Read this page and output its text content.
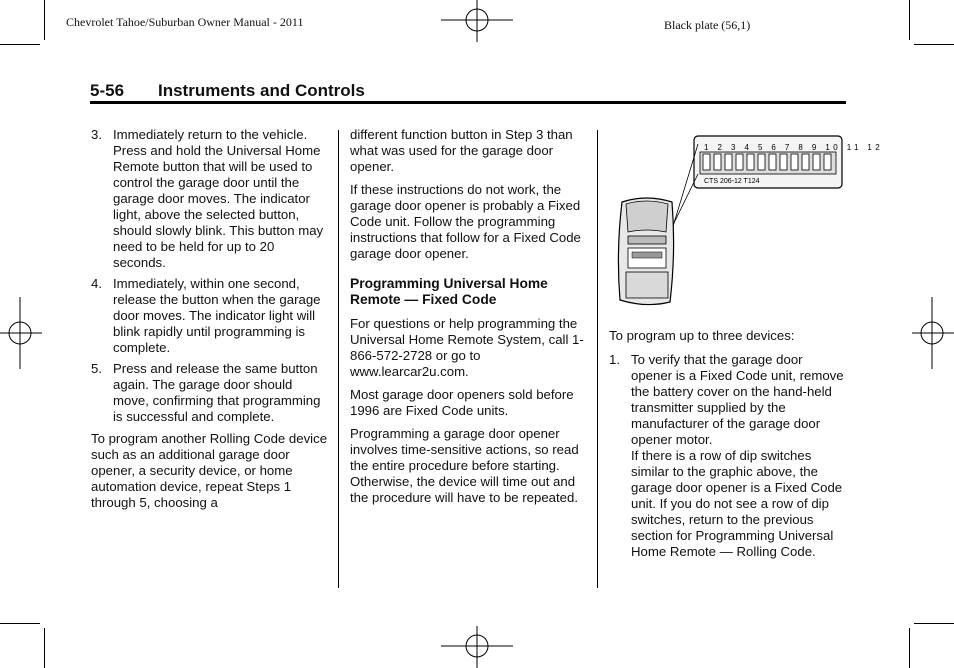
Chevrolet Tahoe/Suburban Owner Manual - 2011	Black plate (56,1)
5-56 Instruments and Controls
3. Immediately return to the vehicle. Press and hold the Universal Home Remote button that will be used to control the garage door until the garage door moves. The indicator light, above the selected button, should slowly blink. This button may need to be held for up to 20 seconds.
4. Immediately, within one second, release the button when the garage door moves. The indicator light will blink rapidly until programming is complete.
5. Press and release the same button again. The garage door should move, confirming that programming is successful and complete.

To program another Rolling Code device such as an additional garage door opener, a security device, or home automation device, repeat Steps 1 through 5, choosing a

different function button in Step 3 than what was used for the garage door opener.

If these instructions do not work, the garage door opener is probably a Fixed Code unit. Follow the programming instructions that follow for a Fixed Code garage door opener.

Programming Universal Home Remote — Fixed Code

For questions or help programming the Universal Home Remote System, call 1-866-572-2728 or go to www.learcar2u.com.

Most garage door openers sold before 1996 are Fixed Code units.

Programming a garage door opener involves time-sensitive actions, so read the entire procedure before starting. Otherwise, the device will time out and the procedure will have to be repeated.

1 2 3 4 5 6 7 8 9 10 11 12
CTS 206-12 T124

To program up to three devices:

1. To verify that the garage door opener is a Fixed Code unit, remove the battery cover on the hand-held transmitter supplied by the manufacturer of the garage door opener motor.
If there is a row of dip switches similar to the graphic above, the garage door opener is a Fixed Code unit. If you do not see a row of dip switches, return to the previous section for Programming Universal Home Remote — Rolling Code.
